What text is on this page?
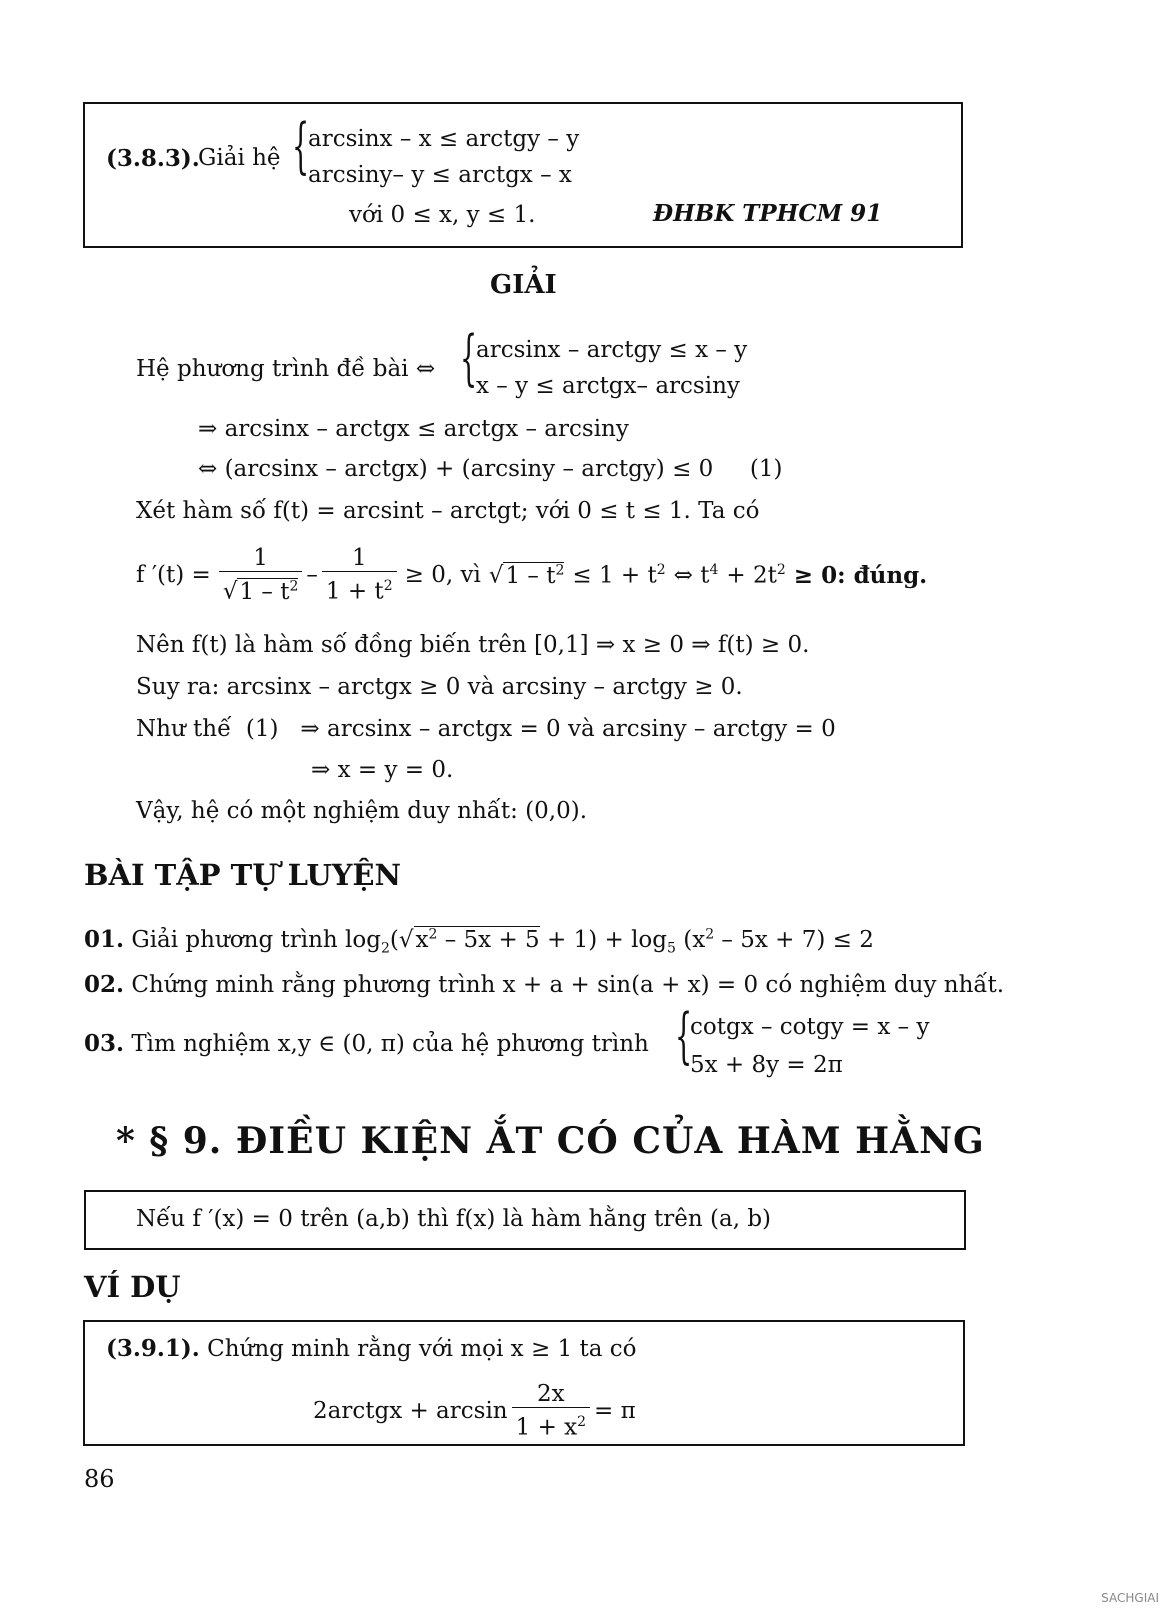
(3.8.3).
Giải hệ {
arcsinx – x ≤ arctgy – y
arcsiny– y ≤ arctgx – x
với 0 ≤ x, y ≤ 1.	ĐHBK TPHCM 91
GIẢI
Hệ phương trình đề bài ⇔ {
arcsinx – arctgy ≤ x – y
x – y ≤ arctgx– arcsiny
⇒ arcsinx – arctgx ≤ arctgx – arcsiny
⇔ (arcsinx – arctgx) + (arcsiny – arctgy) ≤ 0     (1)
Xét hàm số f(t) = arcsint – arctgt; với 0 ≤ t ≤ 1. Ta có
f $'(t) = \frac{1}{√1 - t^2} - \frac{1}{1 + t^2} \ge 0$, vì $√1 - t^2 \le 1 + t^2$ ⇔ $t^4 + 2t^2 \ge 0$: đúng.
Nên f(t) là hàm số đồng biến trên [0,1] ⇒ x ≥ 0 ⇒ f(t) ≥ 0.
Suy ra: arcsinx – arctgx ≥ 0 và arcsiny – arctgy ≥ 0.
Như thế  (1)   ⇒ arcsinx – arctgx = 0 và arcsiny – arctgy = 0
⇒ x = y = 0.
Vậy, hệ có một nghiệm duy nhất: (0,0).
BÀI TẬP TỰ LUYỆN
01. Giải phương trình $\log_2(√x^2 - 5x + 5 + 1) + \log_5 (x^2 - 5x + 7) \le 2$
02. Chứng minh rằng phương trình x + a + sin(a + x) = 0 có nghiệm duy nhất.
03. Tìm nghiệm x,y ∈ (0, π) của hệ phương trình {
cotgx – cotgy = x – y
5x + 8y = 2π
* § 9. ĐIỀU KIỆN ẮT CÓ CỦA HÀM HẰNG
Nếu f ′(x) = 0 trên (a,b) thì f(x) là hàm hằng trên (a, b)
VÍ DỤ
(3.9.1). Chứng minh rằng với mọi x ≥ 1 ta có
2arctgx + $\arcsin \frac{2x}{1 + x^2} = \pi$
86
SACHGIAI
